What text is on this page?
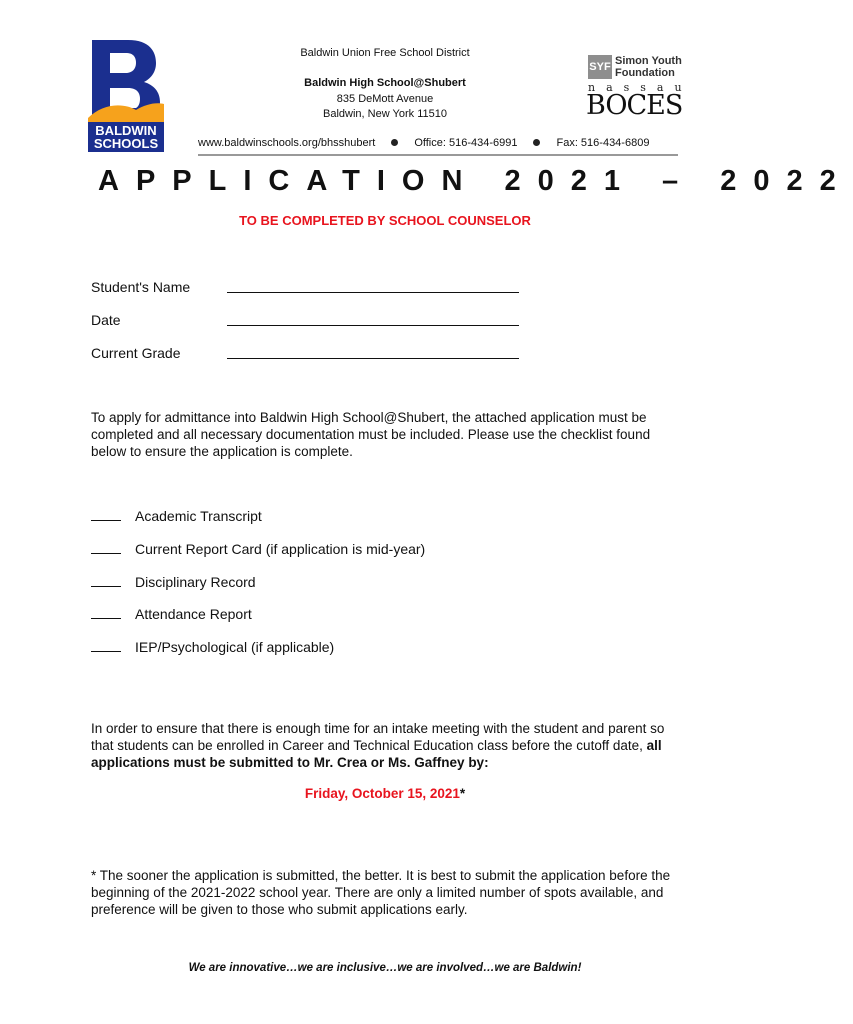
BALDWIN
SCHOOLS
Baldwin Union Free School District
Baldwin High School@Shubert
835 DeMott Avenue
Baldwin, New York 11510
www.baldwinschools.org/bhsshubert	Office: 516-434-6991	Fax: 516-434-6809
SYF Simon Youth
Foundation
nassau
BOCES
APPLICATION 2021 – 2022
TO BE COMPLETED BY SCHOOL COUNSELOR
Student's Name
Date
Current Grade
To apply for admittance into Baldwin High School@Shubert, the attached application must be completed and all necessary documentation must be included. Please use the checklist found below to ensure the application is complete.
Academic Transcript
Current Report Card (if application is mid-year)
Disciplinary Record
Attendance Report
IEP/Psychological (if applicable)
In order to ensure that there is enough time for an intake meeting with the student and parent so that students can be enrolled in Career and Technical Education class before the cutoff date, all applications must be submitted to Mr. Crea or Ms. Gaffney by:
Friday, October 15, 2021*
* The sooner the application is submitted, the better. It is best to submit the application before the beginning of the 2021-2022 school year. There are only a limited number of spots available, and preference will be given to those who submit applications early.
We are innovative…we are inclusive…we are involved…we are Baldwin!
